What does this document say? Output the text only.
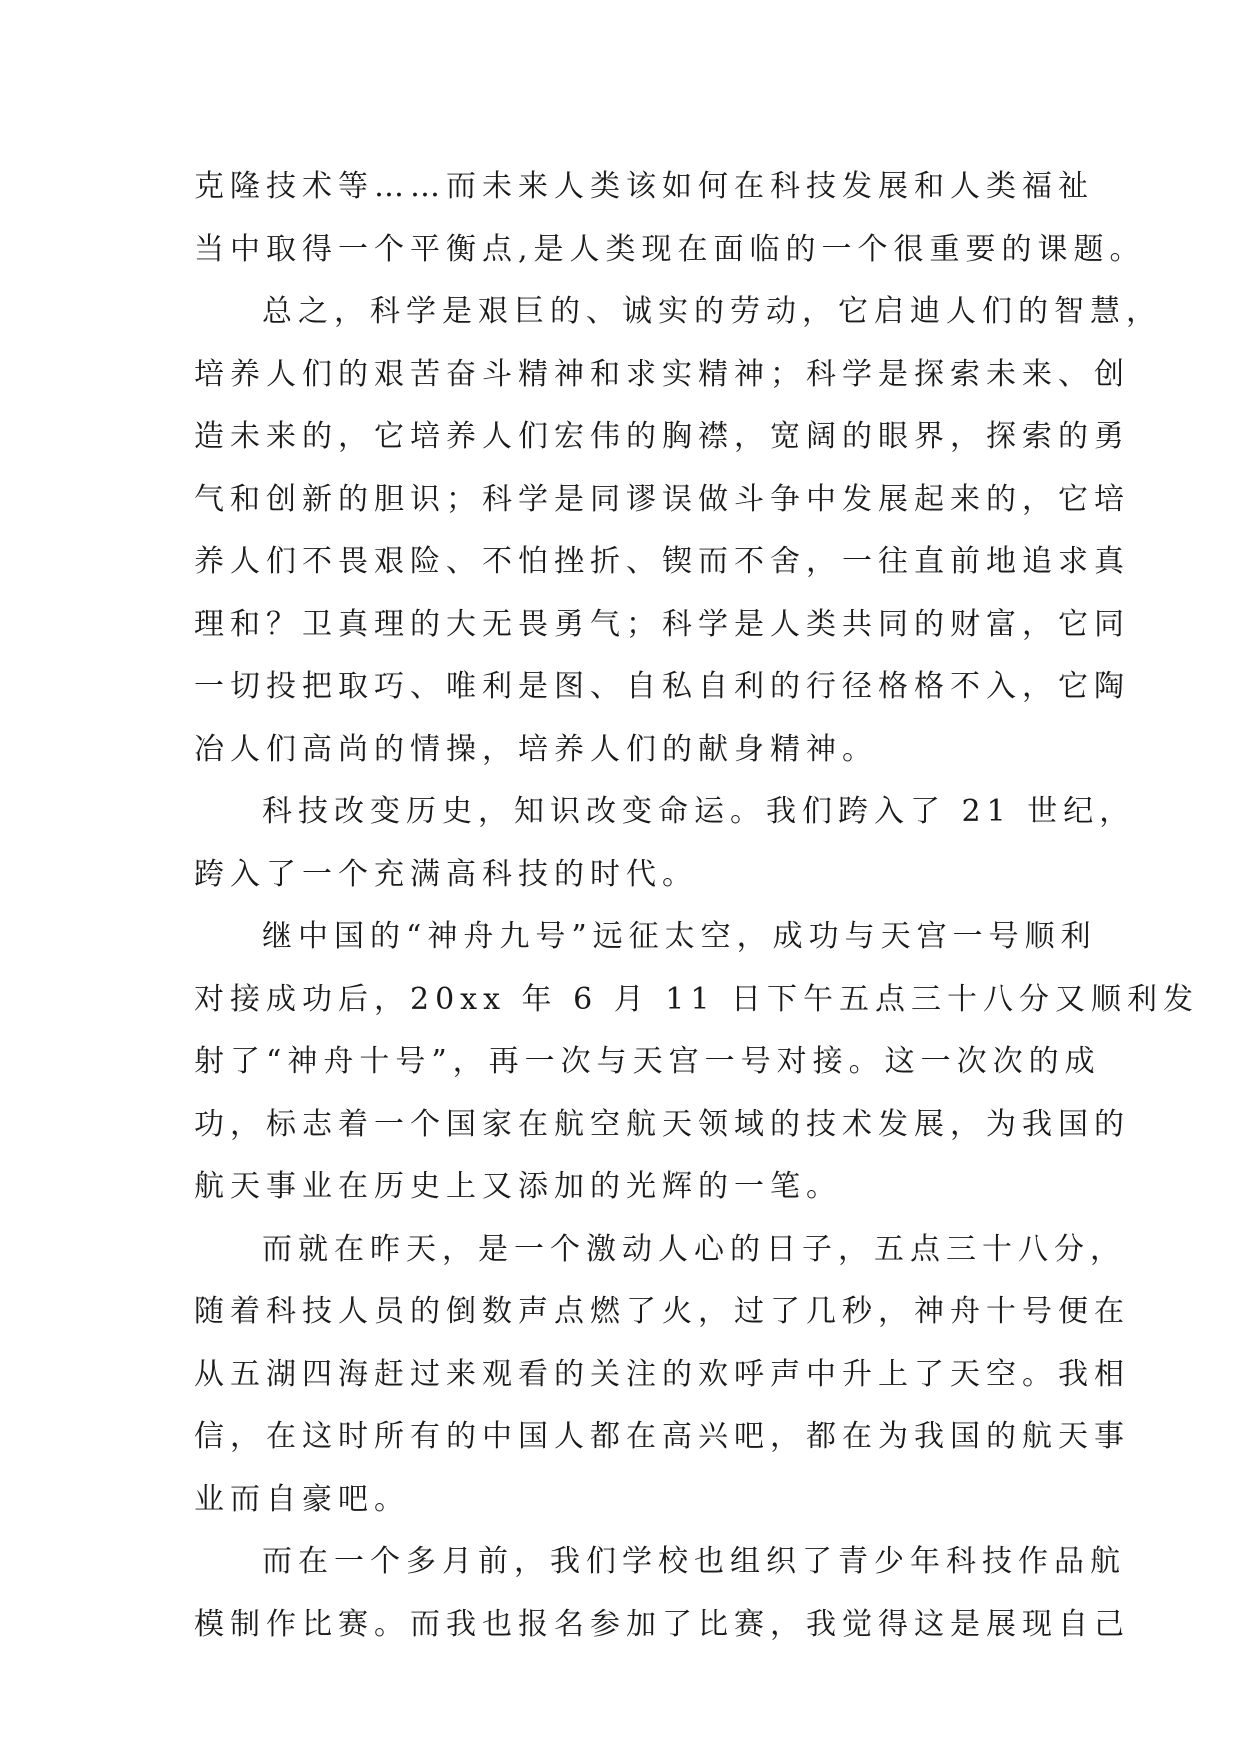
克隆技术等……而未来人类该如何在科技发展和人类福祉
当中取得一个平衡点,是人类现在面临的一个很重要的课题。
总之，科学是艰巨的、诚实的劳动，它启迪人们的智慧，
培养人们的艰苦奋斗精神和求实精神；科学是探索未来、创
造未来的，它培养人们宏伟的胸襟，宽阔的眼界，探索的勇
气和创新的胆识；科学是同谬误做斗争中发展起来的，它培
养人们不畏艰险、不怕挫折、锲而不舍，一往直前地追求真
理和？卫真理的大无畏勇气；科学是人类共同的财富，它同
一切投把取巧、唯利是图、自私自利的行径格格不入，它陶
冶人们高尚的情操，培养人们的献身精神。
科技改变历史，知识改变命运。我们跨入了 21 世纪，
跨入了一个充满高科技的时代。
继中国的“神舟九号”远征太空，成功与天宫一号顺利
对接成功后，20xx 年 6 月 11 日下午五点三十八分又顺利发
射了“神舟十号”，再一次与天宫一号对接。这一次次的成
功，标志着一个国家在航空航天领域的技术发展，为我国的
航天事业在历史上又添加的光辉的一笔。
而就在昨天，是一个激动人心的日子，五点三十八分，
随着科技人员的倒数声点燃了火，过了几秒，神舟十号便在
从五湖四海赶过来观看的关注的欢呼声中升上了天空。我相
信，在这时所有的中国人都在高兴吧，都在为我国的航天事
业而自豪吧。
而在一个多月前，我们学校也组织了青少年科技作品航
模制作比赛。而我也报名参加了比赛，我觉得这是展现自己
